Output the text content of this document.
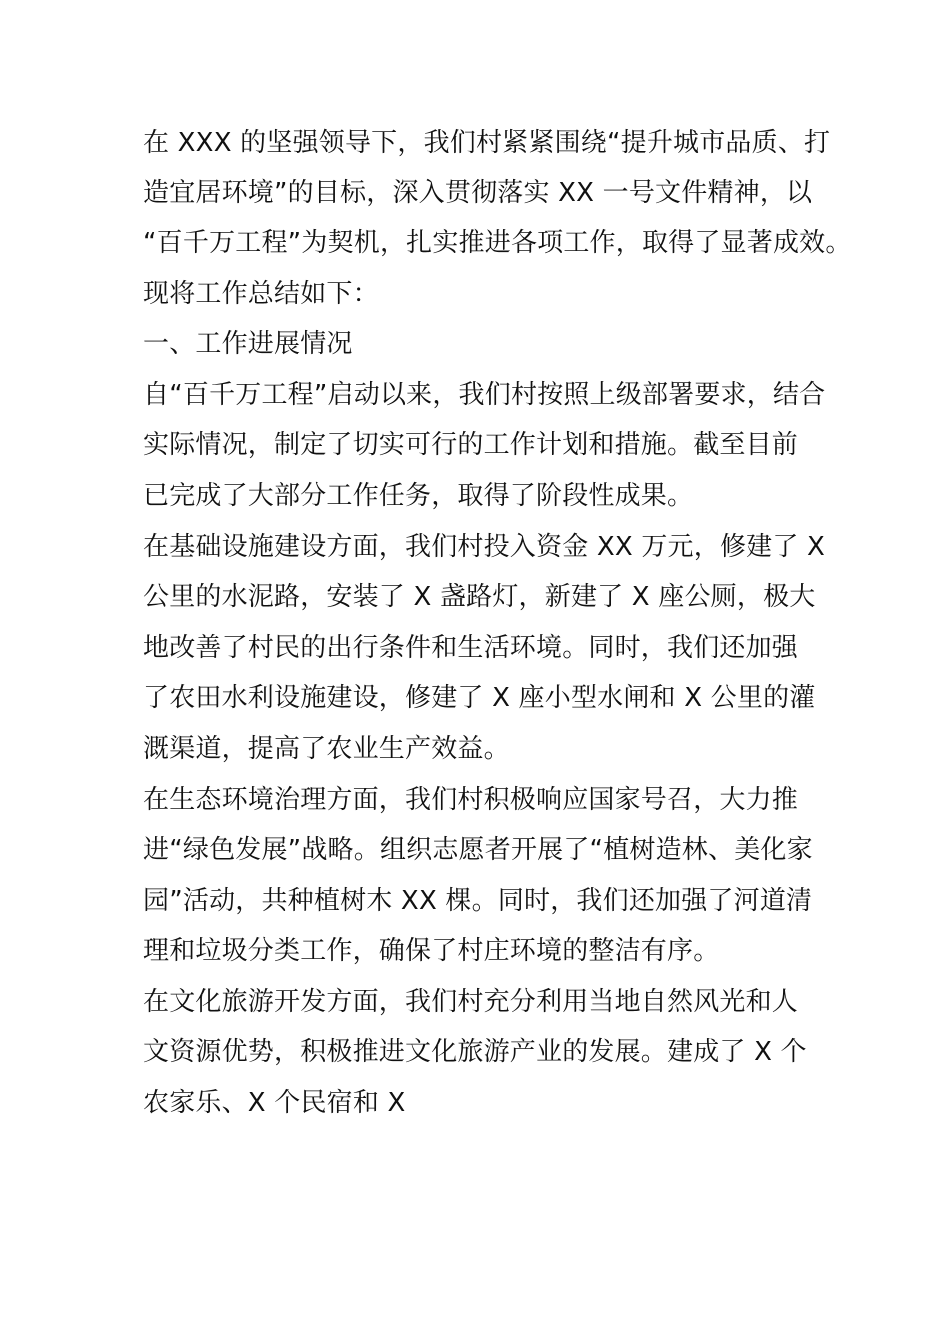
在 XXX 的坚强领导下，我们村紧紧围绕“提升城市品质、打
造宜居环境”的目标，深入贯彻落实 XX 一号文件精神，以
“百千万工程”为契机，扎实推进各项工作，取得了显著成效。
现将工作总结如下：
一、工作进展情况
自“百千万工程”启动以来，我们村按照上级部署要求，结合
实际情况，制定了切实可行的工作计划和措施。截至目前
已完成了大部分工作任务，取得了阶段性成果。
在基础设施建设方面，我们村投入资金 XX 万元，修建了 X
公里的水泥路，安装了 X 盏路灯，新建了 X 座公厕，极大
地改善了村民的出行条件和生活环境。同时，我们还加强
了农田水利设施建设，修建了 X 座小型水闸和 X 公里的灌
溉渠道，提高了农业生产效益。
在生态环境治理方面，我们村积极响应国家号召，大力推
进“绿色发展”战略。组织志愿者开展了“植树造林、美化家
园”活动，共种植树木 XX 棵。同时，我们还加强了河道清
理和垃圾分类工作，确保了村庄环境的整洁有序。
在文化旅游开发方面，我们村充分利用当地自然风光和人
文资源优势，积极推进文化旅游产业的发展。建成了 X 个
农家乐、X 个民宿和 X
